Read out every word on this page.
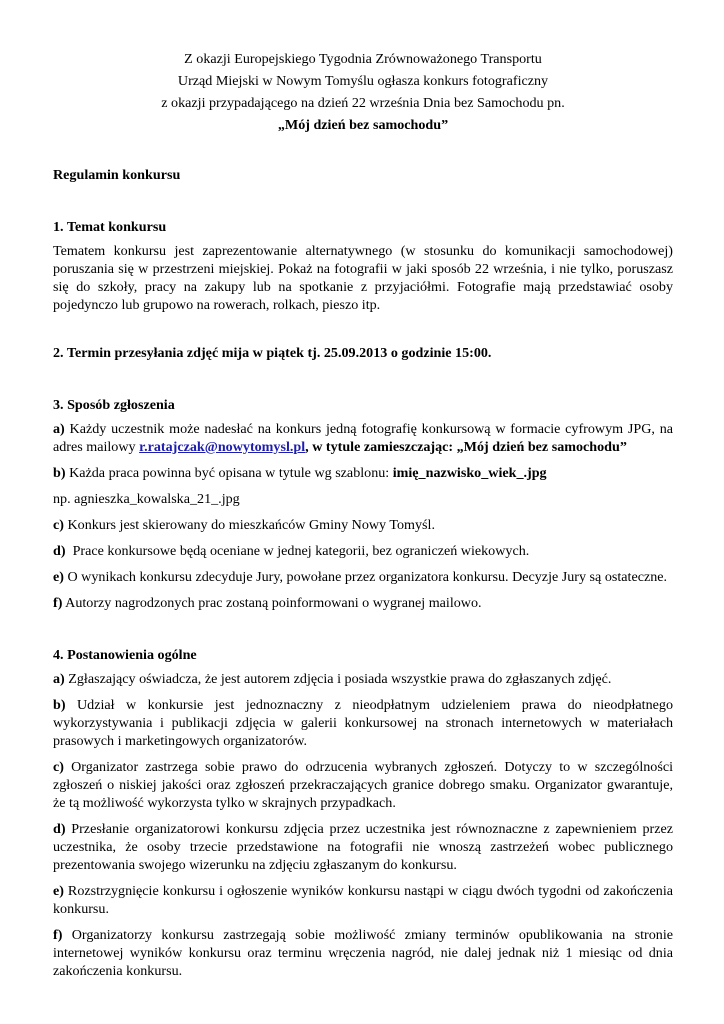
Z okazji Europejskiego Tygodnia Zrównoważonego Transportu

Urząd Miejski w Nowym Tomyślu ogłasza konkurs fotograficzny

z okazji przypadającego na dzień 22 września Dnia bez Samochodu pn.

„Mój dzień bez samochodu”

Regulamin konkursu

1. Temat konkursu

Tematem konkursu jest zaprezentowanie alternatywnego (w stosunku do komunikacji samochodowej) poruszania się w przestrzeni miejskiej. Pokaż na fotografii w jaki sposób 22 września, i nie tylko, poruszasz się do szkoły, pracy na zakupy lub na spotkanie z przyjaciółmi. Fotografie mają przedstawiać osoby pojedynczo lub grupowo na rowerach, rolkach, pieszo itp.

2. Termin przesyłania zdjęć mija w piątek tj. 25.09.2013 o godzinie 15:00.

3. Sposób zgłoszenia

a) Każdy uczestnik może nadesłać na konkurs jedną fotografię konkursową w formacie cyfrowym JPG, na adres mailowy r.ratajczak@nowytomysl.pl, w tytule zamieszczając: „Mój dzień bez samochodu”

b) Każda praca powinna być opisana w tytule wg szablonu: imię_nazwisko_wiek_.jpg

np. agnieszka_kowalska_21_.jpg

c) Konkurs jest skierowany do mieszkańców Gminy Nowy Tomyśl.

d)  Prace konkursowe będą oceniane w jednej kategorii, bez ograniczeń wiekowych.

e) O wynikach konkursu zdecyduje Jury, powołane przez organizatora konkursu. Decyzje Jury są ostateczne.

f) Autorzy nagrodzonych prac zostaną poinformowani o wygranej mailowo.

4. Postanowienia ogólne

a) Zgłaszający oświadcza, że jest autorem zdjęcia i posiada wszystkie prawa do zgłaszanych zdjęć.

b) Udział w konkursie jest jednoznaczny z nieodpłatnym udzieleniem prawa do nieodpłatnego wykorzystywania i publikacji zdjęcia w galerii konkursowej na stronach internetowych w materiałach prasowych i marketingowych organizatorów.

c) Organizator zastrzega sobie prawo do odrzucenia wybranych zgłoszeń. Dotyczy to w szczególności zgłoszeń o niskiej jakości oraz zgłoszeń przekraczających granice dobrego smaku. Organizator gwarantuje, że tą możliwość wykorzysta tylko w skrajnych przypadkach.

d) Przesłanie organizatorowi konkursu zdjęcia przez uczestnika jest równoznaczne z zapewnieniem przez uczestnika, że osoby trzecie przedstawione na fotografii nie wnoszą zastrzeżeń wobec publicznego prezentowania swojego wizerunku na zdjęciu zgłaszanym do konkursu.

e) Rozstrzygnięcie konkursu i ogłoszenie wyników konkursu nastąpi w ciągu dwóch tygodni od zakończenia konkursu.

f) Organizatorzy konkursu zastrzegają sobie możliwość zmiany terminów opublikowania na stronie internetowej wyników konkursu oraz terminu wręczenia nagród, nie dalej jednak niż 1 miesiąc od dnia zakończenia konkursu.
